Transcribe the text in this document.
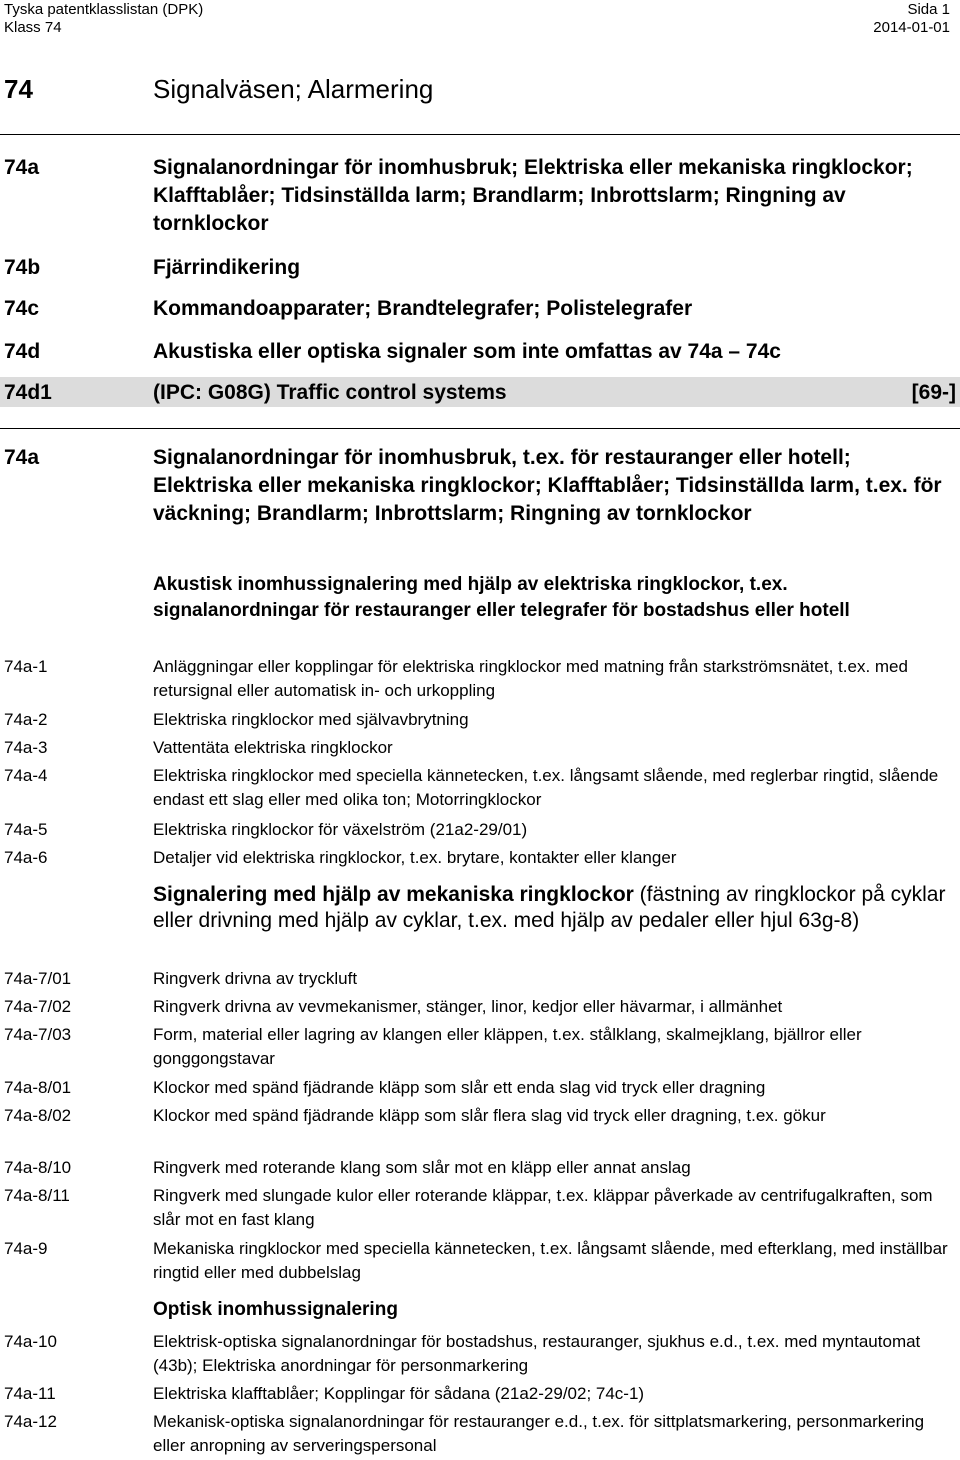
Tyska patentklasslistan (DPK)
Klass 74
Sida 1
2014-01-01
74	Signalväsen; Alarmering
74a	Signalanordningar för inomhusbruk; Elektriska eller mekaniska ringklockor; Klafftablåer; Tidsinställda larm; Brandlarm; Inbrottslarm; Ringning av tornklockor
74b	Fjärrindikering
74c	Kommandoapparater; Brandtelegrafer; Polistelegrafer
74d	Akustiska eller optiska signaler som inte omfattas av 74a – 74c
74d1	(IPC: G08G) Traffic control systems	[69-]
74a	Signalanordningar för inomhusbruk, t.ex. för restauranger eller hotell; Elektriska eller mekaniska ringklockor; Klafftablåer; Tidsinställda larm, t.ex. för väckning; Brandlarm; Inbrottslarm; Ringning av tornklockor
Akustisk inomhussignalering med hjälp av elektriska ringklockor, t.ex. signalanordningar för restauranger eller telegrafer för bostadshus eller hotell
74a-1	Anläggningar eller kopplingar för elektriska ringklockor med matning från starkströmsnätet, t.ex. med retursignal eller automatisk in- och urkoppling
74a-2	Elektriska ringklockor med självavbrytning
74a-3	Vattentäta elektriska ringklockor
74a-4	Elektriska ringklockor med speciella kännetecken, t.ex. långsamt slående, med reglerbar ringtid, slående endast ett slag eller med olika ton; Motorringklockor
74a-5	Elektriska ringklockor för växelström (21a2-29/01)
74a-6	Detaljer vid elektriska ringklockor, t.ex. brytare, kontakter eller klanger
Signalering med hjälp av mekaniska ringklockor (fästning av ringklockor på cyklar eller drivning med hjälp av cyklar, t.ex. med hjälp av pedaler eller hjul 63g-8)
74a-7/01	Ringverk drivna av tryckluft
74a-7/02	Ringverk drivna av vevmekanismer, stänger, linor, kedjor eller hävarmar, i allmänhet
74a-7/03	Form, material eller lagring av klangen eller kläppen, t.ex. stålklang, skalmejklang, bjällror eller gonggongstavar
74a-8/01	Klockor med spänd fjädrande kläpp som slår ett enda slag vid tryck eller dragning
74a-8/02	Klockor med spänd fjädrande kläpp som slår flera slag vid tryck eller dragning, t.ex. gökur
74a-8/10	Ringverk med roterande klang som slår mot en kläpp eller annat anslag
74a-8/11	Ringverk med slungade kulor eller roterande kläppar, t.ex. kläppar påverkade av centrifugalkraften, som slår mot en fast klang
74a-9	Mekaniska ringklockor med speciella kännetecken, t.ex. långsamt slående, med efterklang, med inställbar ringtid eller med dubbelslag
Optisk inomhussignalering
74a-10	Elektrisk-optiska signalanordningar för bostadshus, restauranger, sjukhus e.d., t.ex. med myntautomat (43b); Elektriska anordningar för personmarkering
74a-11	Elektriska klafftablåer; Kopplingar för sådana (21a2-29/02; 74c-1)
74a-12	Mekanisk-optiska signalanordningar för restauranger e.d., t.ex. för sittplatsmarkering, personmarkering eller anropning av serveringspersonal
